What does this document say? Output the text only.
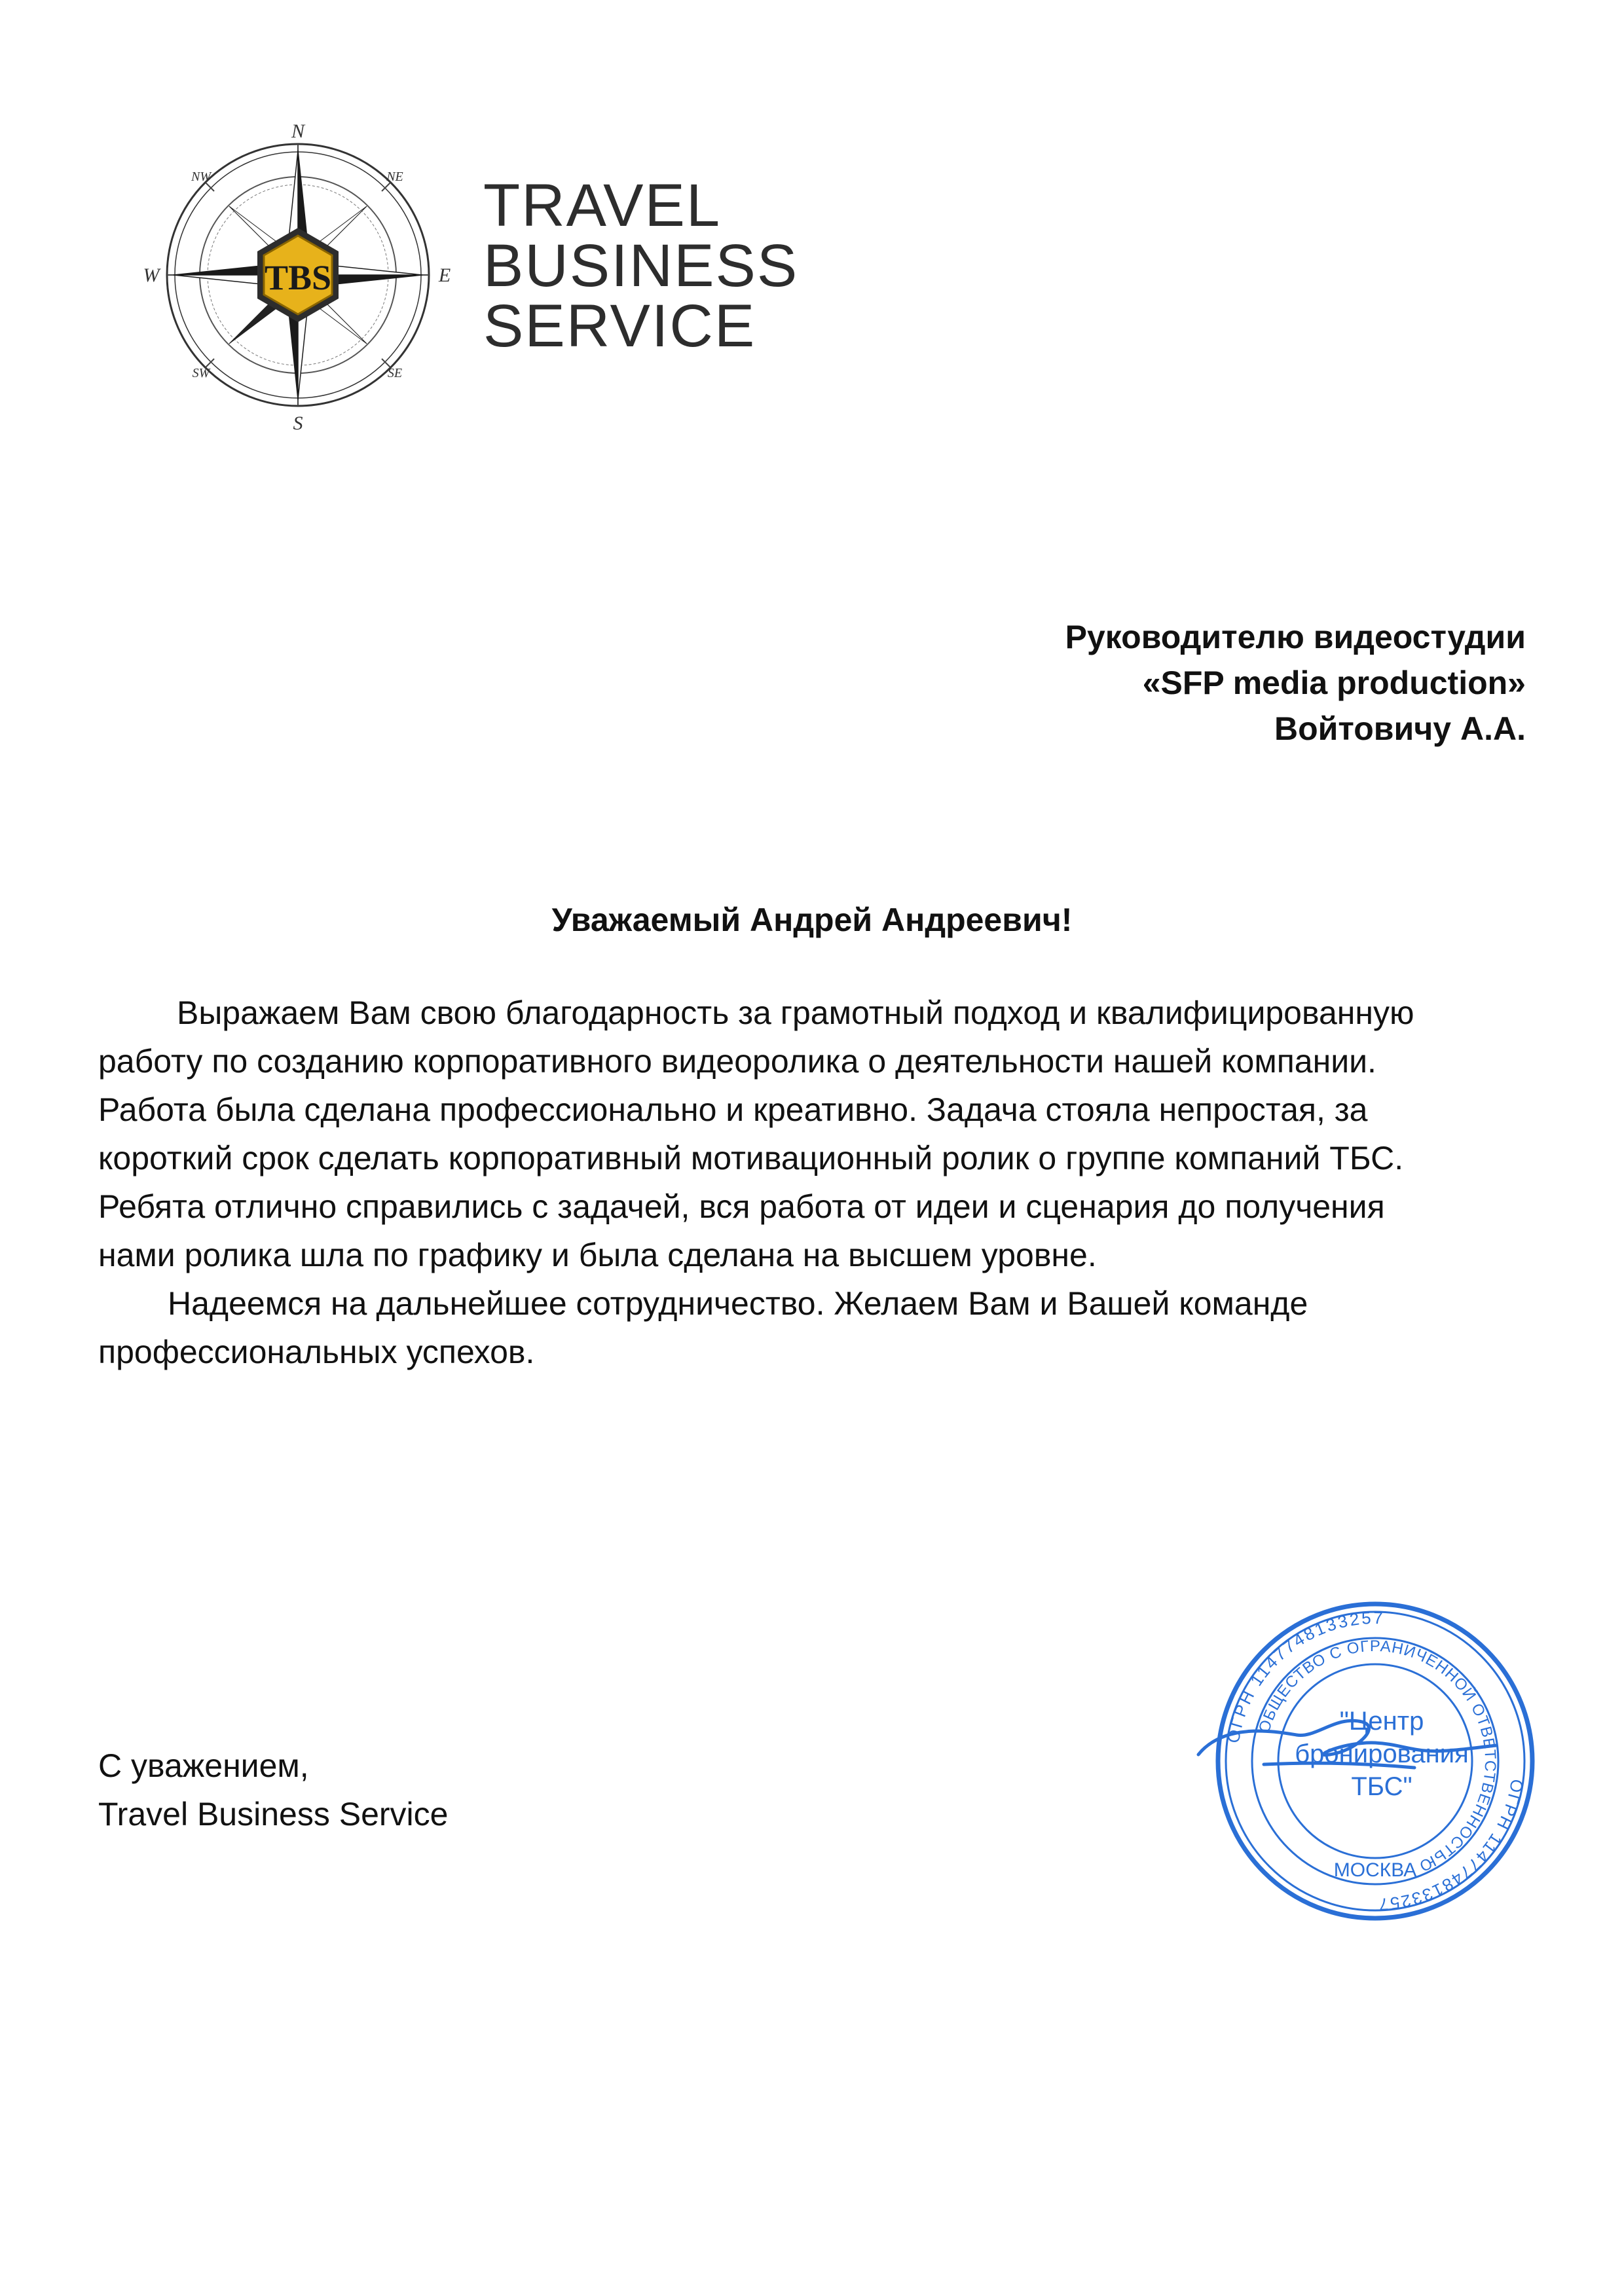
TBS
N
S
W	E
NW	NE
SW	SE
TRAVEL
BUSINESS
SERVICE
Руководителю видеостудии
«SFP media production»
Войтовичу А.А.
Уважаемый Андрей Андреевич!
Выражаем Вам свою благодарность за грамотный подход и квалифицированную
работу по созданию корпоративного видеоролика о деятельности нашей компании.
Работа была сделана профессионально и креативно. Задача стояла непростая, за
короткий срок сделать корпоративный мотивационный ролик о группе компаний ТБС.
Ребята отлично справились с задачей, вся работа от идеи и сценария до получения
нами ролика шла по графику и была сделана на высшем уровне.
Надеемся на дальнейшее сотрудничество. Желаем Вам и Вашей команде
профессиональных успехов.
С уважением,
Travel Business Service
ОГРН 1147748133257
ОГРН 1147748133257
ОБЩЕСТВО С ОГРАНИЧЕННОЙ ОТВЕТСТВЕННОСТЬЮ
"Центр
бронирования
ТБС"
МОСКВА
